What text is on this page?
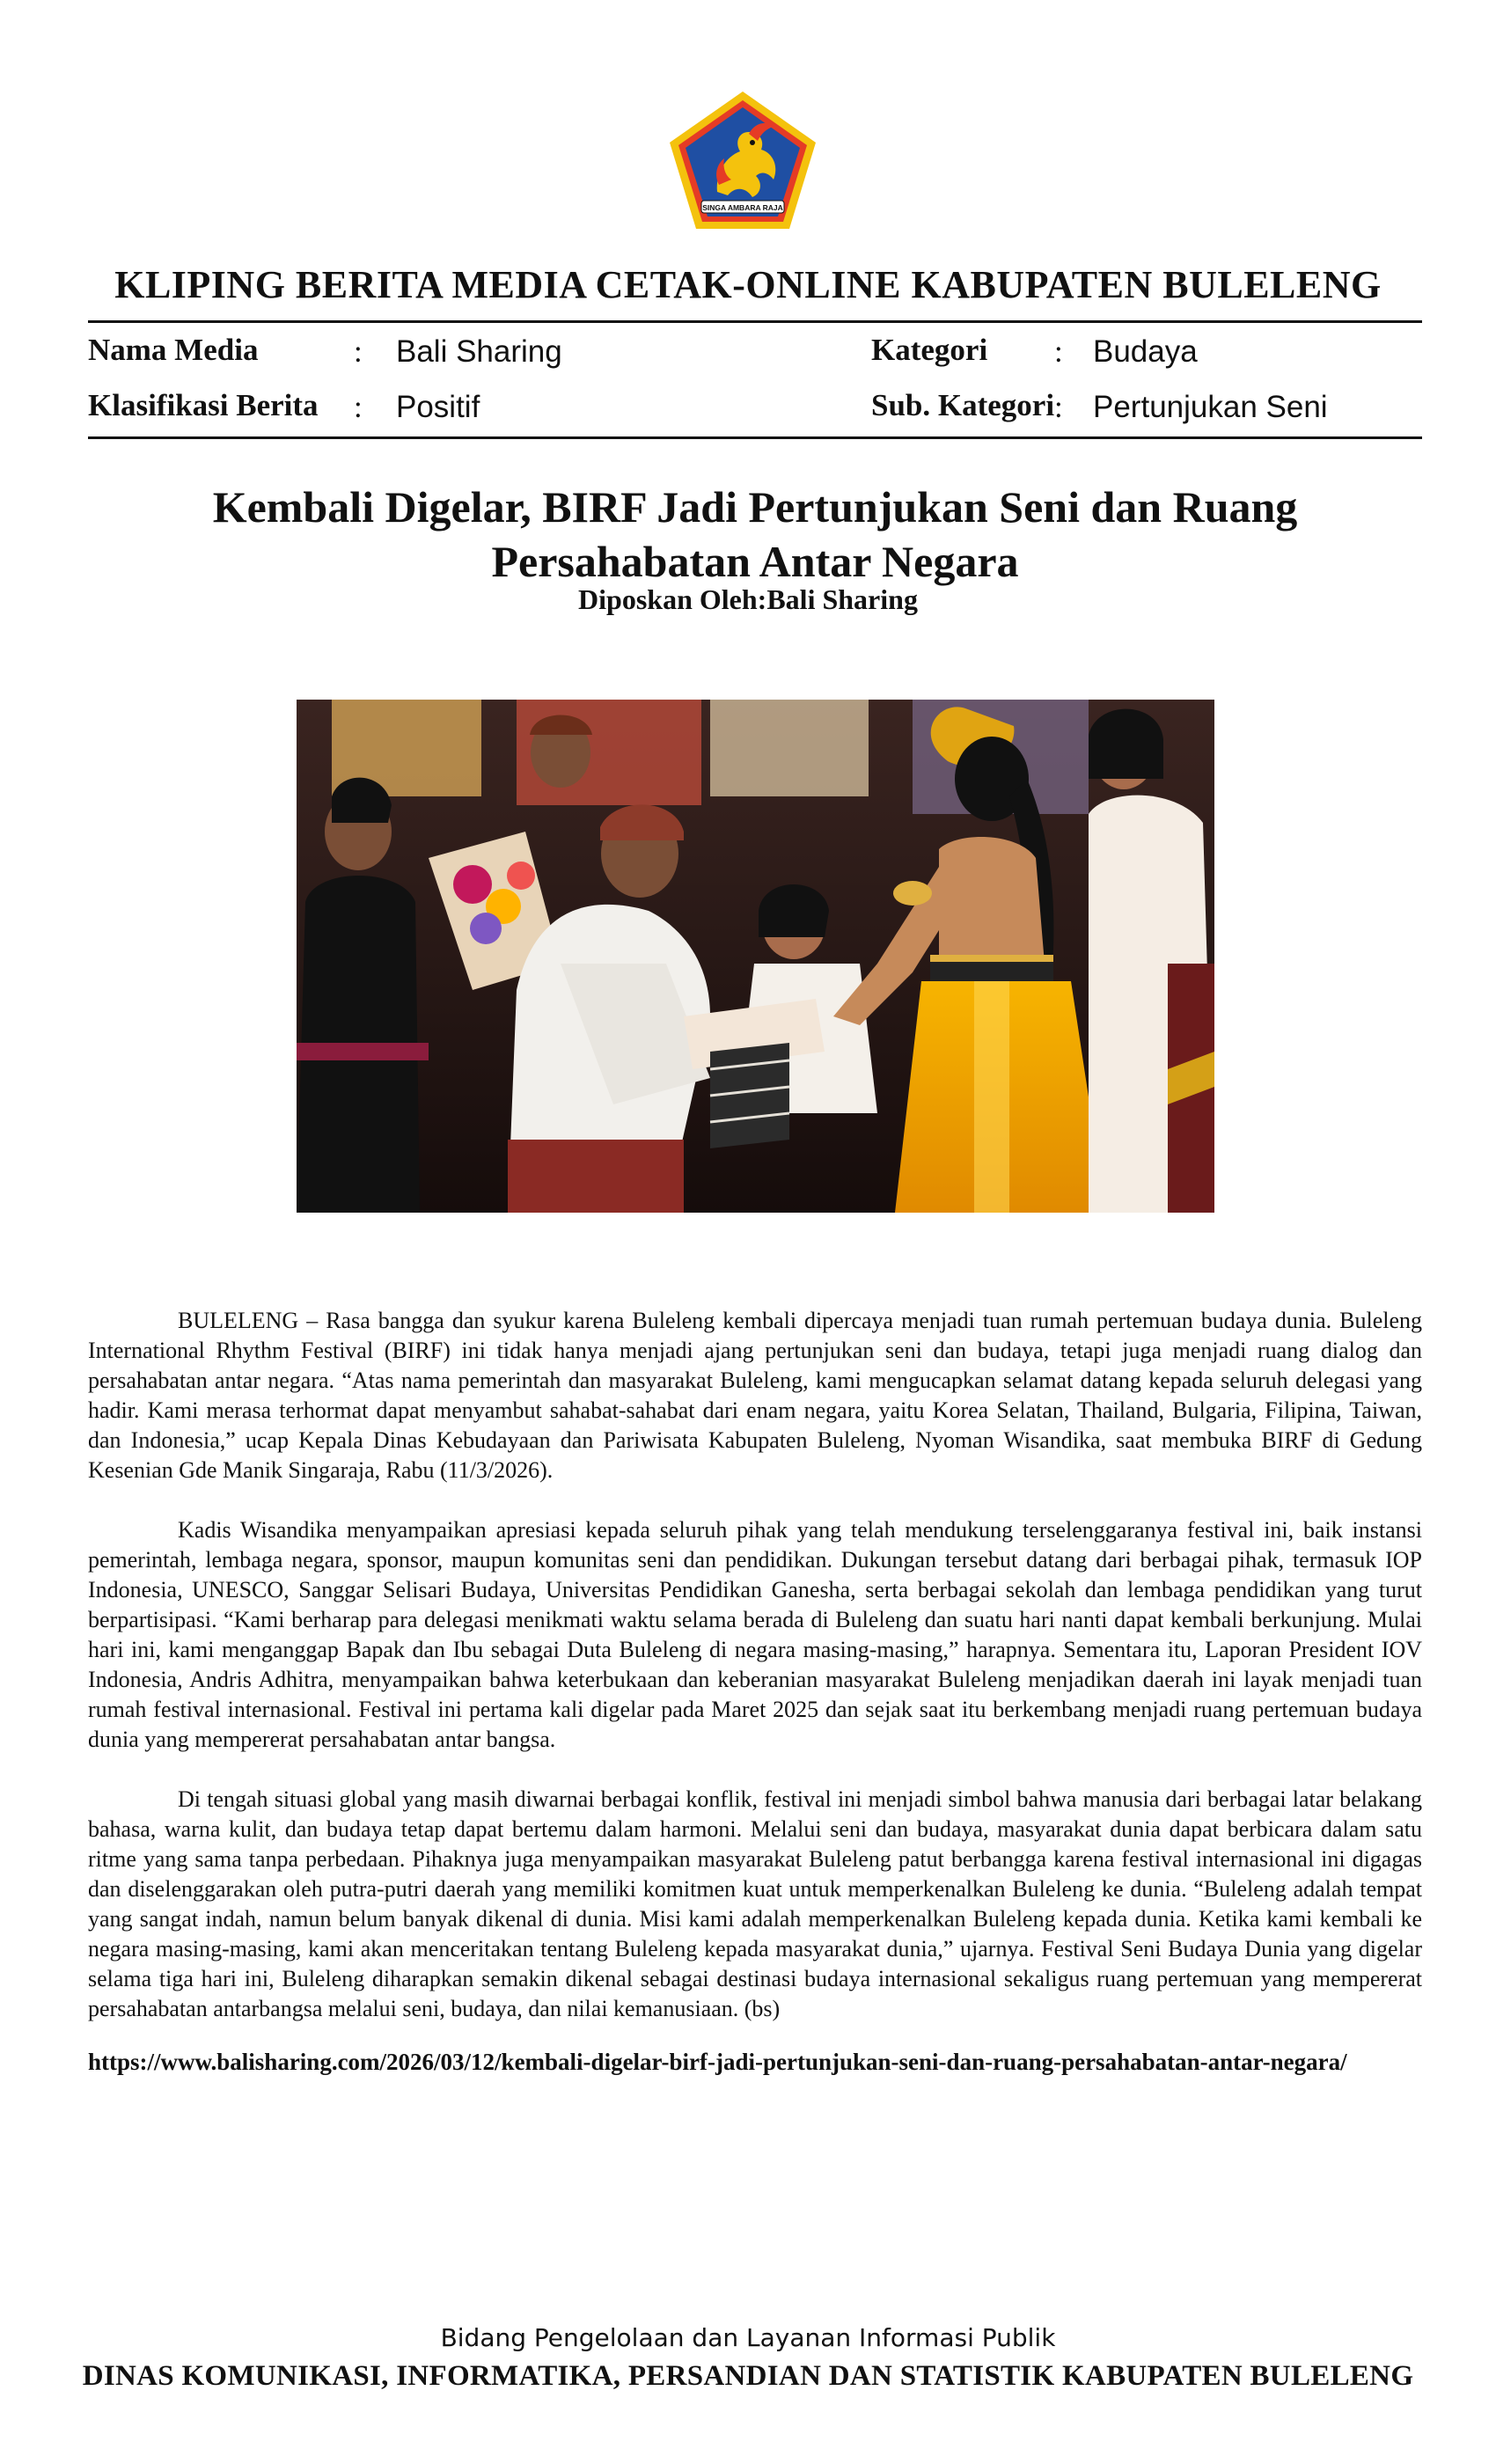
SINGA AMBARA RAJA
KLIPING BERITA MEDIA CETAK-ONLINE KABUPATEN BULELENG
Nama Media	: Bali Sharing	Kategori : Budaya
Klasifikasi Berita : Positif	Sub. Kategori : Pertunjukan Seni
Kembali Digelar, BIRF Jadi Pertunjukan Seni dan Ruang Persahabatan Antar Negara
Diposkan Oleh:Bali Sharing

BULELENG – Rasa bangga dan syukur karena Buleleng kembali dipercaya menjadi tuan rumah pertemuan budaya dunia. Buleleng International Rhythm Festival (BIRF) ini tidak hanya menjadi ajang pertunjukan seni dan budaya, tetapi juga menjadi ruang dialog dan persahabatan antar negara. “Atas nama pemerintah dan masyarakat Buleleng, kami mengucapkan selamat datang kepada seluruh delegasi yang hadir. Kami merasa terhormat dapat menyambut sahabat-sahabat dari enam negara, yaitu Korea Selatan, Thailand, Bulgaria, Filipina, Taiwan, dan Indonesia,” ucap Kepala Dinas Kebudayaan dan Pariwisata Kabupaten Buleleng, Nyoman Wisandika, saat membuka BIRF di Gedung Kesenian Gde Manik Singaraja, Rabu (11/3/2026).

Kadis Wisandika menyampaikan apresiasi kepada seluruh pihak yang telah mendukung terselenggaranya festival ini, baik instansi pemerintah, lembaga negara, sponsor, maupun komunitas seni dan pendidikan. Dukungan tersebut datang dari berbagai pihak, termasuk IOP Indonesia, UNESCO, Sanggar Selisari Budaya, Universitas Pendidikan Ganesha, serta berbagai sekolah dan lembaga pendidikan yang turut berpartisipasi. “Kami berharap para delegasi menikmati waktu selama berada di Buleleng dan suatu hari nanti dapat kembali berkunjung. Mulai hari ini, kami menganggap Bapak dan Ibu sebagai Duta Buleleng di negara masing-masing,” harapnya. Sementara itu, Laporan President IOV Indonesia, Andris Adhitra, menyampaikan bahwa keterbukaan dan keberanian masyarakat Buleleng menjadikan daerah ini layak menjadi tuan rumah festival internasional. Festival ini pertama kali digelar pada Maret 2025 dan sejak saat itu berkembang menjadi ruang pertemuan budaya dunia yang mempererat persahabatan antar bangsa.

Di tengah situasi global yang masih diwarnai berbagai konflik, festival ini menjadi simbol bahwa manusia dari berbagai latar belakang bahasa, warna kulit, dan budaya tetap dapat bertemu dalam harmoni. Melalui seni dan budaya, masyarakat dunia dapat berbicara dalam satu ritme yang sama tanpa perbedaan. Pihaknya juga menyampaikan masyarakat Buleleng patut berbangga karena festival internasional ini digagas dan diselenggarakan oleh putra-putri daerah yang memiliki komitmen kuat untuk memperkenalkan Buleleng ke dunia. “Buleleng adalah tempat yang sangat indah, namun belum banyak dikenal di dunia. Misi kami adalah memperkenalkan Buleleng kepada dunia. Ketika kami kembali ke negara masing-masing, kami akan menceritakan tentang Buleleng kepada masyarakat dunia,” ujarnya. Festival Seni Budaya Dunia yang digelar selama tiga hari ini, Buleleng diharapkan semakin dikenal sebagai destinasi budaya internasional sekaligus ruang pertemuan yang mempererat persahabatan antarbangsa melalui seni, budaya, dan nilai kemanusiaan. (bs)

https://www.balisharing.com/2026/03/12/kembali-digelar-birf-jadi-pertunjukan-seni-dan-ruang-persahabatan-antar-negara/
Bidang Pengelolaan dan Layanan Informasi Publik
DINAS KOMUNIKASI, INFORMATIKA, PERSANDIAN DAN STATISTIK KABUPATEN BULELENG
